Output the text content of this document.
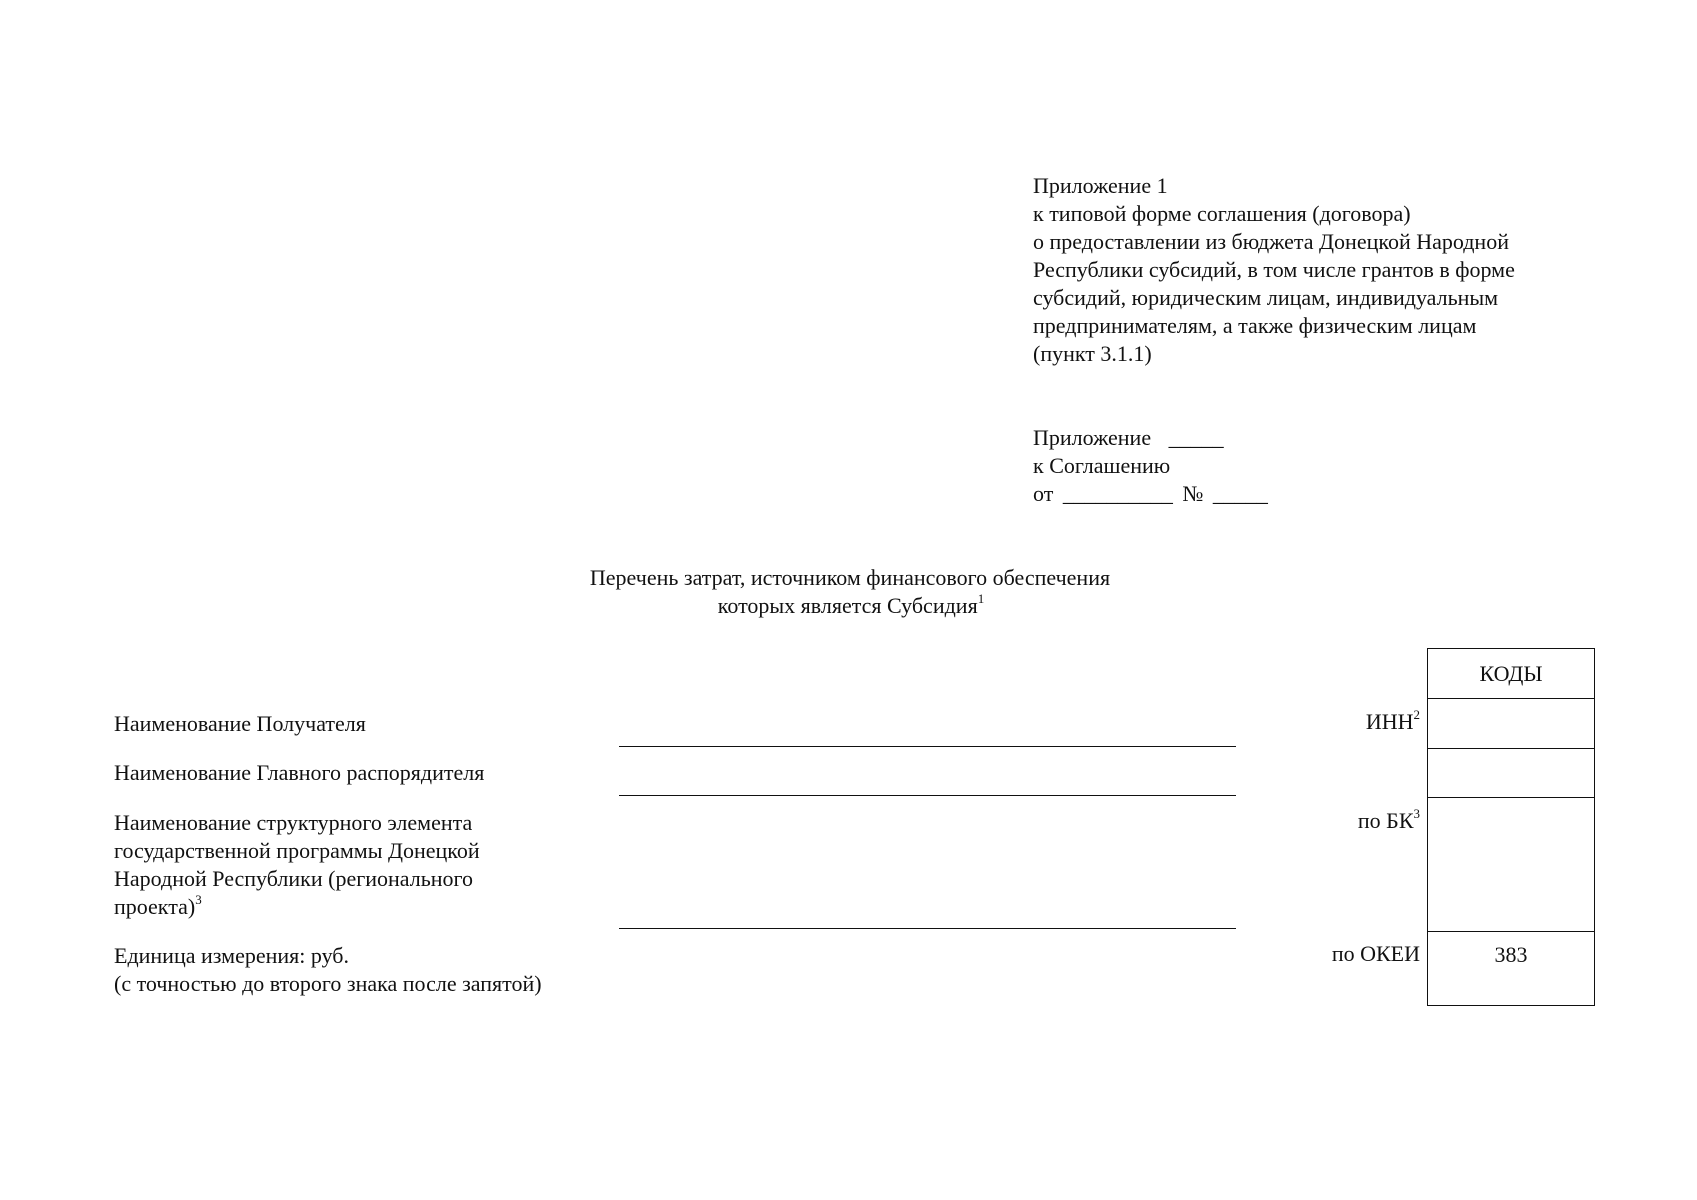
Приложение 1
к типовой форме соглашения (договора)
о предоставлении из бюджета Донецкой Народной
Республики субсидий, в том числе грантов в форме
субсидий, юридическим лицам, индивидуальным
предпринимателям, а также физическим лицам
(пункт 3.1.1)
Приложение _____
к Соглашению
от __________ № _____
Перечень затрат, источником финансового обеспечения
которых является Субсидия$^1$
Наименование Получателя
Наименование Главного распорядителя
Наименование структурного элемента
государственной программы Донецкой
Народной Республики (регионального
проекта)$^3$
Единица измерения: руб.
(с точностью до второго знака после запятой)
ИНН$^2$
по $БК^3$
по ОКЕИ
КОДЫ
383
